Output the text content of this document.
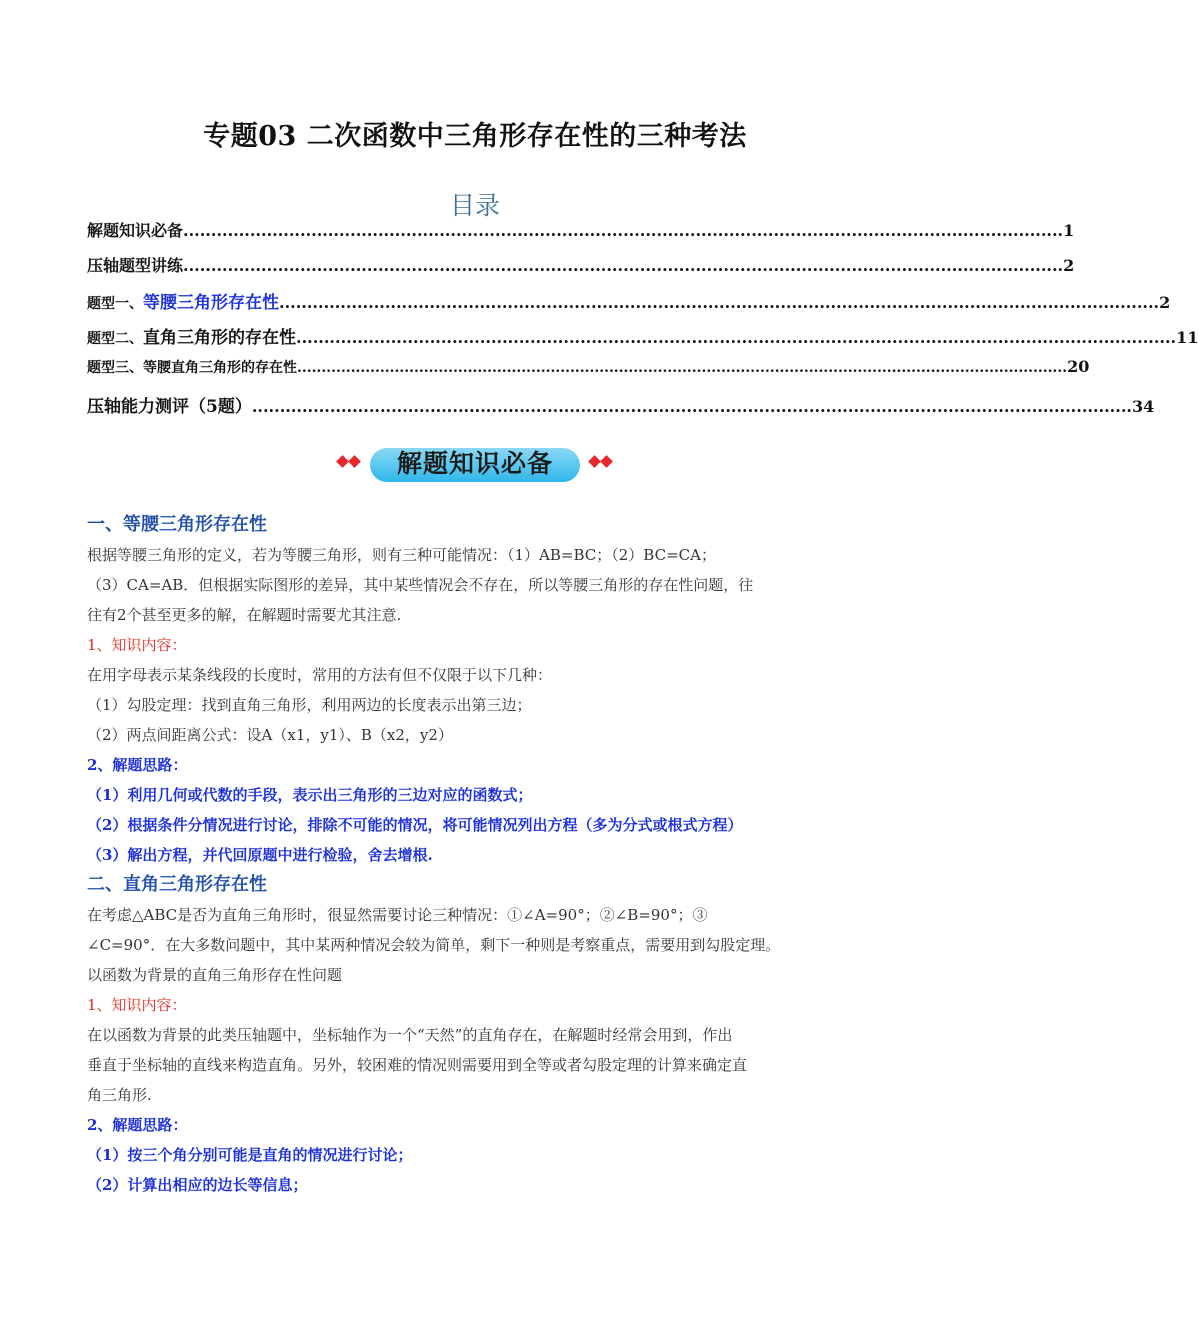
专题03 二次函数中三角形存在性的三种考法
目录
解题知识必备 .............................................................................................................................................................. 1
压轴题型讲练 .............................................................................................................................................................. 2
题型一、等腰三角形存在性 .............................................................................................................................................................. 2
题型二、直角三角形的存在性 .............................................................................................................................................................. 11
题型三、等腰直角三角形的存在性 .............................................................................................................................................................. 20
压轴能力测评（5题） .............................................................................................................................................................. 34
解题知识必备
一、等腰三角形存在性

根据等腰三角形的定义，若为等腰三角形，则有三种可能情况：（1）AB=BC；（2）BC=CA；

（3）CA=AB．但根据实际图形的差异，其中某些情况会不存在，所以等腰三角形的存在性问题，往

往有2个甚至更多的解，在解题时需要尤其注意.

1、知识内容：

在用字母表示某条线段的长度时，常用的方法有但不仅限于以下几种：

（1）勾股定理：找到直角三角形，利用两边的长度表示出第三边；

（2）两点间距离公式：设A（x1，y1）、B（x2，y2）

2、解题思路：

（1）利用几何或代数的手段，表示出三角形的三边对应的函数式；

（2）根据条件分情况进行讨论，排除不可能的情况，将可能情况列出方程（多为分式或根式方程）

（3）解出方程，并代回原题中进行检验，舍去增根.

二、直角三角形存在性

在考虑△ABC是否为直角三角形时，很显然需要讨论三种情况：①∠A=90°；②∠B=90°；③

∠C=90°．在大多数问题中，其中某两种情况会较为简单，剩下一种则是考察重点，需要用到勾股定理。

以函数为背景的直角三角形存在性问题

1、知识内容：

在以函数为背景的此类压轴题中，坐标轴作为一个“天然”的直角存在，在解题时经常会用到，作出

垂直于坐标轴的直线来构造直角。另外，较困难的情况则需要用到全等或者勾股定理的计算来确定直

角三角形.

2、解题思路：

（1）按三个角分别可能是直角的情况进行讨论；

（2）计算出相应的边长等信息；
